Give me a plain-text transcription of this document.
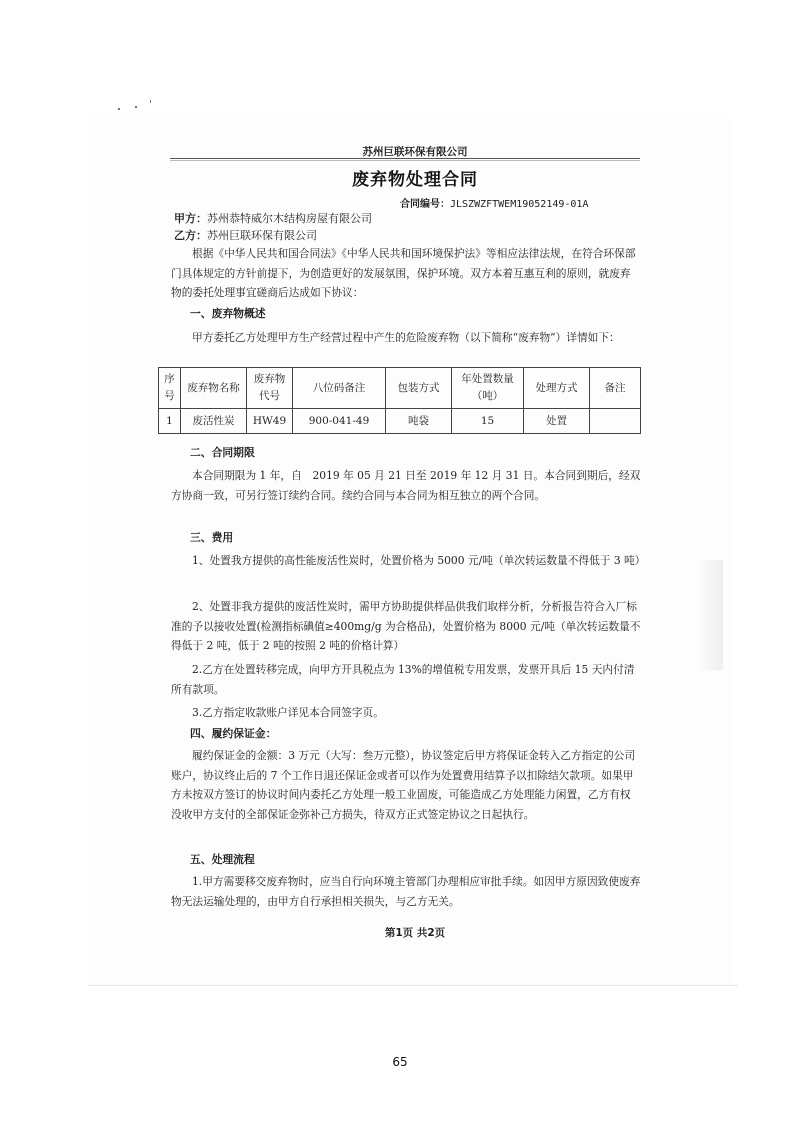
苏州巨联环保有限公司
废弃物处理合同
合同编号：JLSZWZFTWEM19052149-01A
甲方：苏州恭特威尔木结构房屋有限公司
乙方：苏州巨联环保有限公司
根据《中华人民共和国合同法》《中华人民共和国环境保护法》等相应法律法规，在符合环保部门具体规定的方针前提下，为创造更好的发展氛围，保护环境。双方本着互惠互利的原则，就废弃物的委托处理事宜磋商后达成如下协议：
一、废弃物概述
甲方委托乙方处理甲方生产经营过程中产生的危险废弃物（以下简称“废弃物”）详情如下：
序号	废弃物名称	废弃物代号	八位码备注	包装方式	年处置数量（吨）	处理方式	备注
1	废活性炭	HW49	900-041-49	吨袋	15	处置	
二、合同期限
本合同期限为 1 年，自　2019 年 05 月 21 日至 2019 年 12 月 31 日。本合同到期后，经双方协商一致，可另行签订续约合同。续约合同与本合同为相互独立的两个合同。
三、费用
1、处置我方提供的高性能废活性炭时，处置价格为 5000 元/吨（单次转运数量不得低于 3 吨）
2、处置非我方提供的废活性炭时，需甲方协助提供样品供我们取样分析，分析报告符合入厂标准的予以接收处置(检测指标碘值≥400mg/g 为合格品)，处置价格为 8000 元/吨（单次转运数量不得低于 2 吨，低于 2 吨的按照 2 吨的价格计算）
2.乙方在处置转移完成，向甲方开具税点为 13%的增值税专用发票，发票开具后 15 天内付清所有款项。
3.乙方指定收款账户详见本合同签字页。
四、履约保证金：
履约保证金的金额：3 万元（大写：叁万元整），协议签定后甲方将保证金转入乙方指定的公司账户，协议终止后的 7 个工作日退还保证金或者可以作为处置费用结算予以扣除结欠款项。如果甲方未按双方签订的协议时间内委托乙方处理一般工业固废，可能造成乙方处理能力闲置，乙方有权没收甲方支付的全部保证金弥补己方损失，待双方正式签定协议之日起执行。
五、处理流程
1.甲方需要移交废弃物时，应当自行向环境主管部门办理相应审批手续。如因甲方原因致使废弃物无法运输处理的，由甲方自行承担相关损失，与乙方无关。
第1页 共2页
65
